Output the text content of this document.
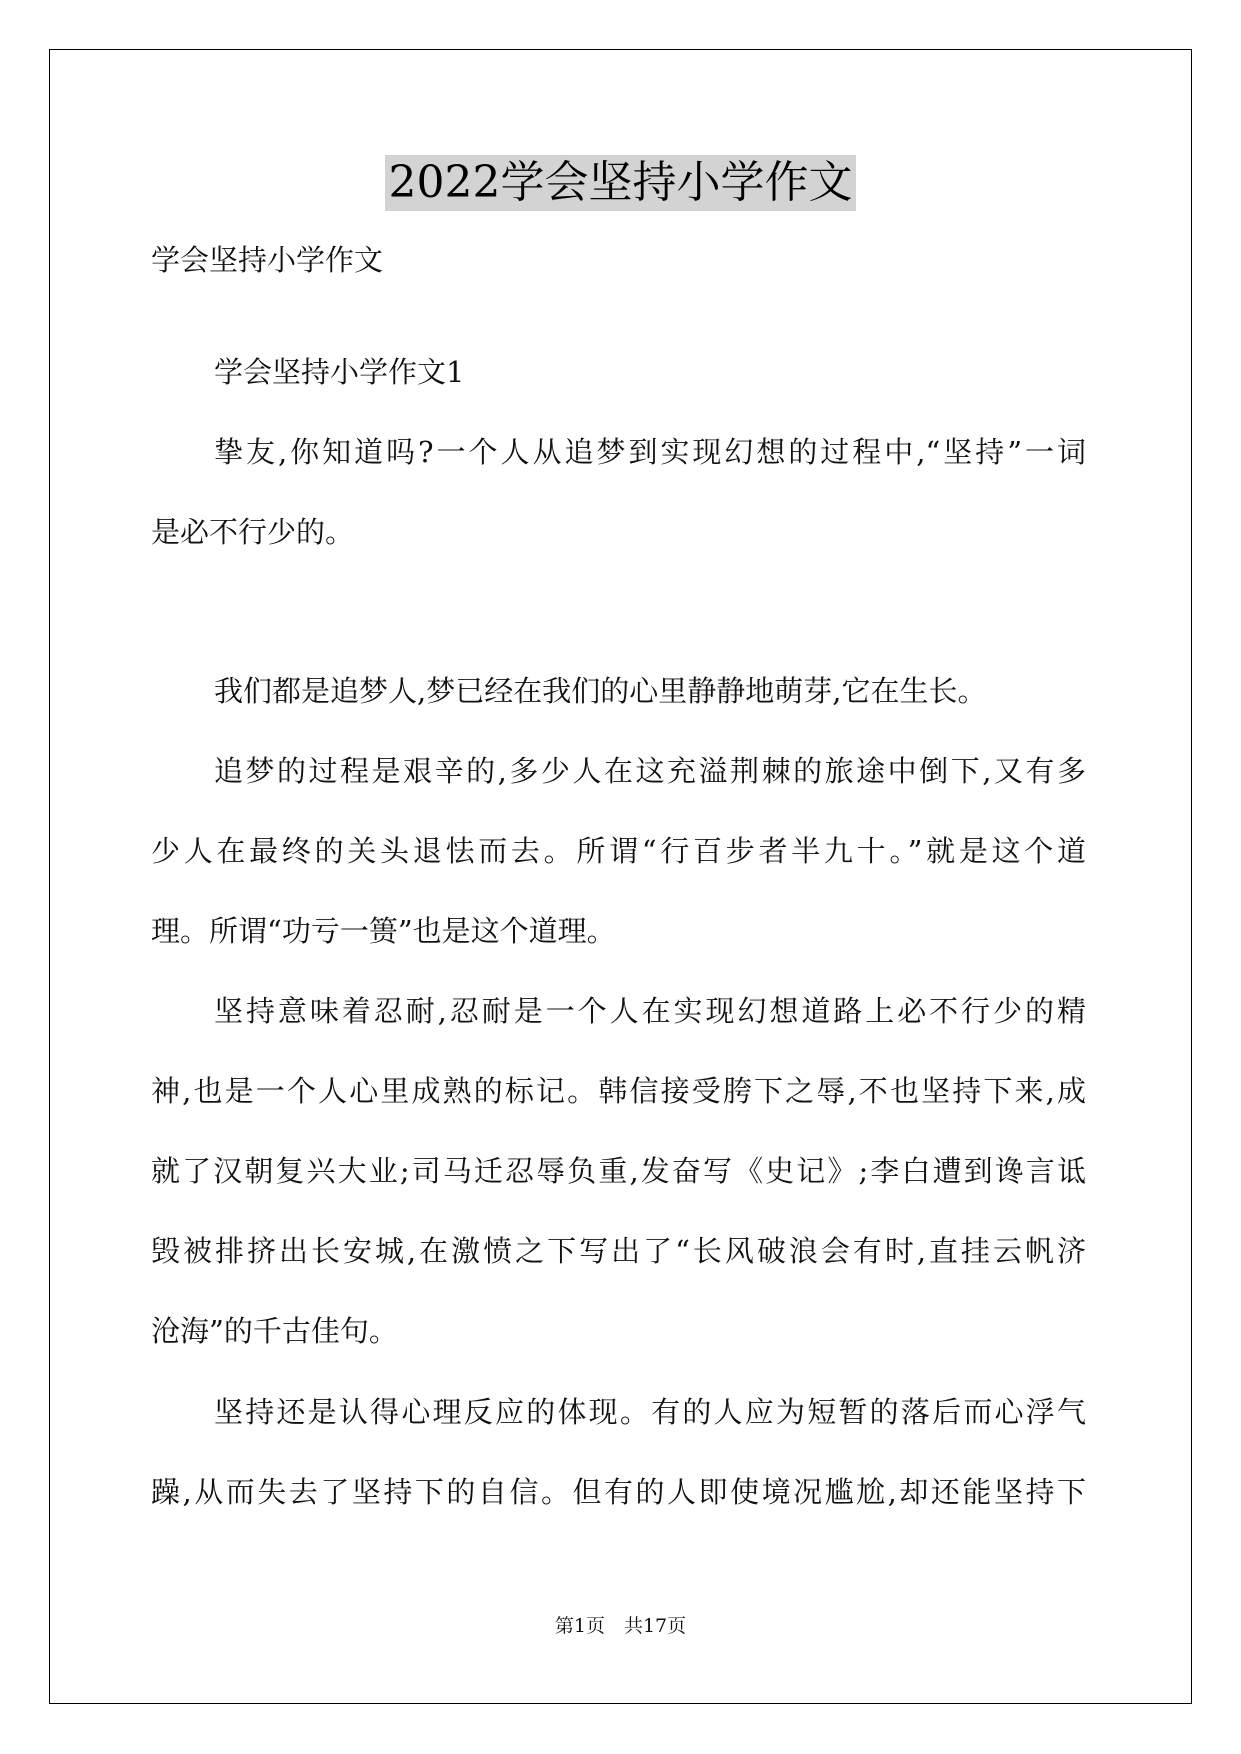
2022学会坚持小学作文
学会坚持小学作文
学会坚持小学作文1
挚友,你知道吗?一个人从追梦到实现幻想的过程中,“坚持”一词
是必不行少的。
我们都是追梦人,梦已经在我们的心里静静地萌芽,它在生长。
追梦的过程是艰辛的,多少人在这充溢荆棘的旅途中倒下,又有多
少人在最终的关头退怯而去。所谓“行百步者半九十。”就是这个道
理。所谓“功亏一篑”也是这个道理。
坚持意味着忍耐,忍耐是一个人在实现幻想道路上必不行少的精
神,也是一个人心里成熟的标记。韩信接受胯下之辱,不也坚持下来,成
就了汉朝复兴大业;司马迁忍辱负重,发奋写《史记》;李白遭到谗言诋
毁被排挤出长安城,在激愤之下写出了“长风破浪会有时,直挂云帆济
沧海”的千古佳句。
坚持还是认得心理反应的体现。有的人应为短暂的落后而心浮气
躁,从而失去了坚持下的自信。但有的人即使境况尴尬,却还能坚持下
第1页　共17页
